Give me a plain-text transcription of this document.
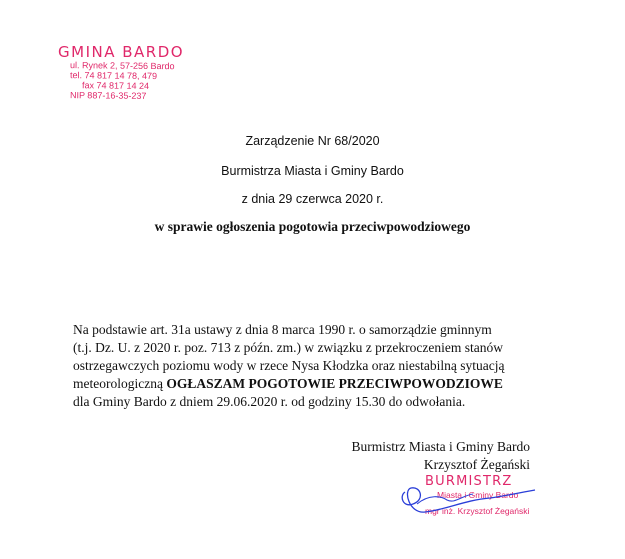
GMINA BARDO
ul. Rynek 2, 57-256 Bardo
tel. 74 817 14 78, 479
fax 74 817 14 24
NIP 887-16-35-237
Zarządzenie Nr 68/2020
Burmistrza Miasta i Gminy Bardo
z dnia 29 czerwca 2020 r.
w sprawie ogłoszenia pogotowia przeciwpowodziowego
Na podstawie art. 31a ustawy z dnia 8 marca 1990 r. o samorządzie gminnym
(t.j. Dz. U. z 2020 r. poz. 713 z późn. zm.) w związku z przekroczeniem stanów
ostrzegawczych poziomu wody w rzece Nysa Kłodzka oraz niestabilną sytuacją
meteorologiczną OGŁASZAM POGOTOWIE PRZECIWPOWODZIOWE
dla Gminy Bardo z dniem 29.06.2020 r. od godziny 15.30 do odwołania.
Burmistrz Miasta i Gminy Bardo
Krzysztof Żegański
BURMISTRZ
Miasta i Gminy Bardo
mgr inż. Krzysztof Żegański
